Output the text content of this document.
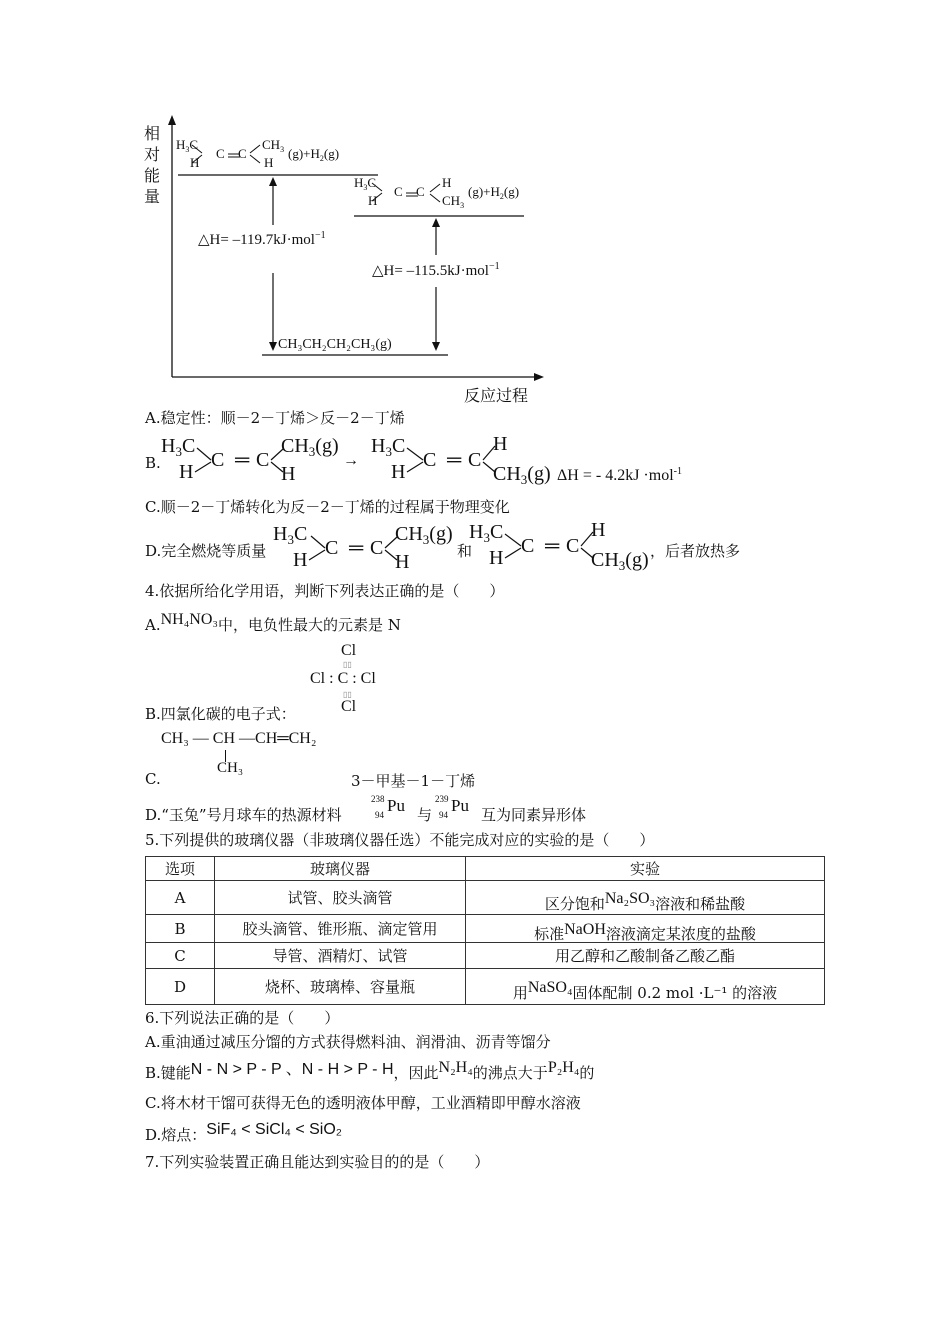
相对能量
反应过程
$H_3C$
H
C C
$CH_3$
H
$(g)+H_2(g)$
$H_3C$
H
C C
H
$CH_3$
$(g)+H_2(g)$
△H= –119.7kJ·mol$^{-1}$
△H= –115.5kJ·mol$^{-1}$
CH₃CH₂CH₂CH₃(g)
A.稳定性：顺－2－丁烯＞反－2－丁烯
B.
$H_3C$
H
C ═ C
$CH_3(g)$
H
→
$H_3C$
H
C ═ C
H
$CH_3(g) \Delta H$ = - 4.2kJ ·mol$^{-1}$
C.顺－2－丁烯转化为反－2－丁烯的过程属于物理变化
D.完全燃烧等质量
$H_3C$
H
C ═ C
$CH_3(g)$
H
$H_3C$
H
C ═ C
H
$CH_3(g)$
和	，后者放热多
4.依据所给化学用语，判断下列表达正确的是（　　）
A.NH₄NO₃中，电负性最大的元素是 N
Cl
▯▯
Cl : C : Cl
▯▯
Cl
B.四氯化碳的电子式：
CH₃ — CH —CH═CH₂
CH₃
C.	3－甲基－1－丁烯
D.“玉兔”号月球车的热源材料
238
94 Pu 与
239
94 Pu 互为同素异形体
5.下列提供的玻璃仪器（非玻璃仪器任选）不能完成对应的实验的是（　　）
选项	玻璃仪器	实验
A	试管、胶头滴管	区分饱和Na₂SO₃溶液和稀盐酸
B	胶头滴管、锥形瓶、滴定管用	标准NaOH溶液滴定某浓度的盐酸
C	导管、酒精灯、试管	用乙醇和乙酸制备乙酸乙酯
D	烧杯、玻璃棒、容量瓶	用NaSO₄固体配制 0.2 mol ·L⁻¹ 的溶液
6.下列说法正确的是（　　）
A.重油通过减压分馏的方式获得燃料油、润滑油、沥青等馏分
B.键能N - N > P - P 、N - H > P - H，因此N₂H₄的沸点大于P₂H₄的
C.将木材干馏可获得无色的透明液体甲醇，工业酒精即甲醇水溶液
D.熔点：SiF₄ < SiCl₄ < SiO₂
7.下列实验装置正确且能达到实验目的的是（　　）
